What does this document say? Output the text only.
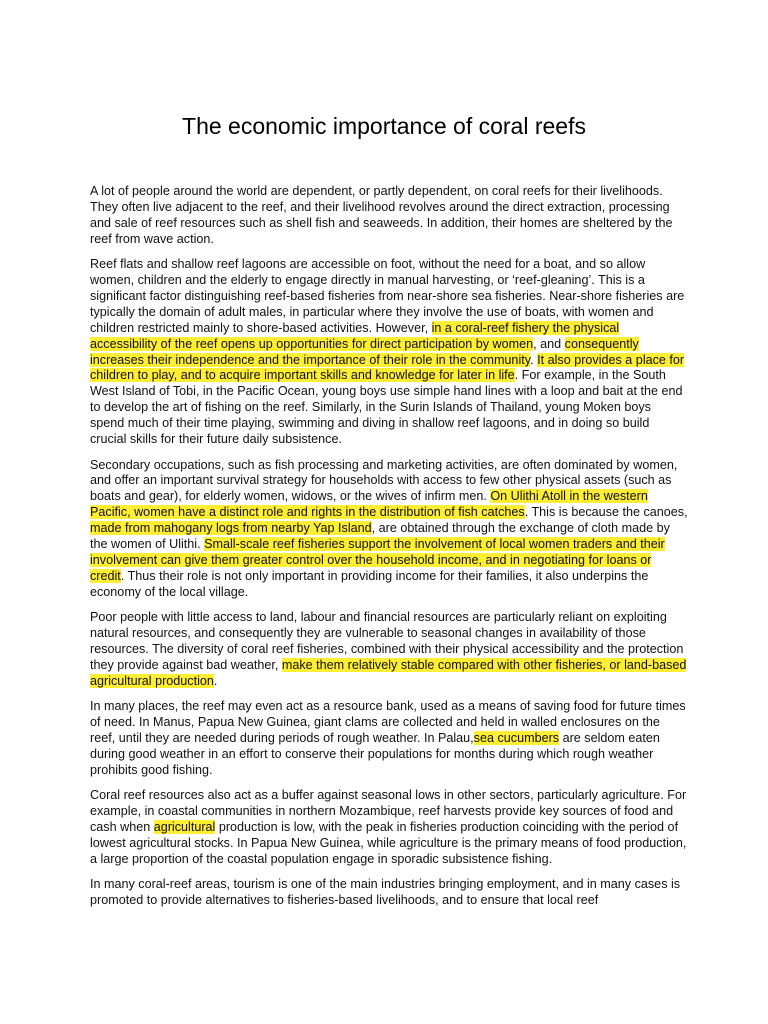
The economic importance of coral reefs

A lot of people around the world are dependent, or partly dependent, on coral reefs for their livelihoods. They often live adjacent to the reef, and their livelihood revolves around the direct extraction, processing and sale of reef resources such as shell fish and seaweeds. In addition, their homes are sheltered by the reef from wave action.

Reef flats and shallow reef lagoons are accessible on foot, without the need for a boat, and so allow women, children and the elderly to engage directly in manual harvesting, or ‘reef-gleaning’. This is a significant factor distinguishing reef-based fisheries from near-shore sea fisheries. Near-shore fisheries are typically the domain of adult males, in particular where they involve the use of boats, with women and children restricted mainly to shore-based activities. However, in a coral-reef fishery the physical accessibility of the reef opens up opportunities for direct participation by women, and consequently increases their independence and the importance of their role in the community. It also provides a place for children to play, and to acquire important skills and knowledge for later in life. For example, in the South West Island of Tobi, in the Pacific Ocean, young boys use simple hand lines with a loop and bait at the end to develop the art of fishing on the reef. Similarly, in the Surin Islands of Thailand, young Moken boys spend much of their time playing, swimming and diving in shallow reef lagoons, and in doing so build crucial skills for their future daily subsistence.

Secondary occupations, such as fish processing and marketing activities, are often dominated by women, and offer an important survival strategy for households with access to few other physical assets (such as boats and gear), for elderly women, widows, or the wives of infirm men. On Ulithi Atoll in the western Pacific, women have a distinct role and rights in the distribution of fish catches. This is because the canoes, made from mahogany logs from nearby Yap Island, are obtained through the exchange of cloth made by the women of Ulithi. Small-scale reef fisheries support the involvement of local women traders and their involvement can give them greater control over the household income, and in negotiating for loans or credit. Thus their role is not only important in providing income for their families, it also underpins the economy of the local village.

Poor people with little access to land, labour and financial resources are particularly reliant on exploiting natural resources, and consequently they are vulnerable to seasonal changes in availability of those resources. The diversity of coral reef fisheries, combined with their physical accessibility and the protection they provide against bad weather, make them relatively stable compared with other fisheries, or land-based agricultural production.

In many places, the reef may even act as a resource bank, used as a means of saving food for future times of need. In Manus, Papua New Guinea, giant clams are collected and held in walled enclosures on the reef, until they are needed during periods of rough weather. In Palau,sea cucumbers are seldom eaten during good weather in an effort to conserve their populations for months during which rough weather prohibits good fishing.

Coral reef resources also act as a buffer against seasonal lows in other sectors, particularly agriculture. For example, in coastal communities in northern Mozambique, reef harvests provide key sources of food and cash when agricultural production is low, with the peak in fisheries production coinciding with the period of lowest agricultural stocks. In Papua New Guinea, while agriculture is the primary means of food production, a large proportion of the coastal population engage in sporadic subsistence fishing.

In many coral-reef areas, tourism is one of the main industries bringing employment, and in many cases is promoted to provide alternatives to fisheries-based livelihoods, and to ensure that local reef
